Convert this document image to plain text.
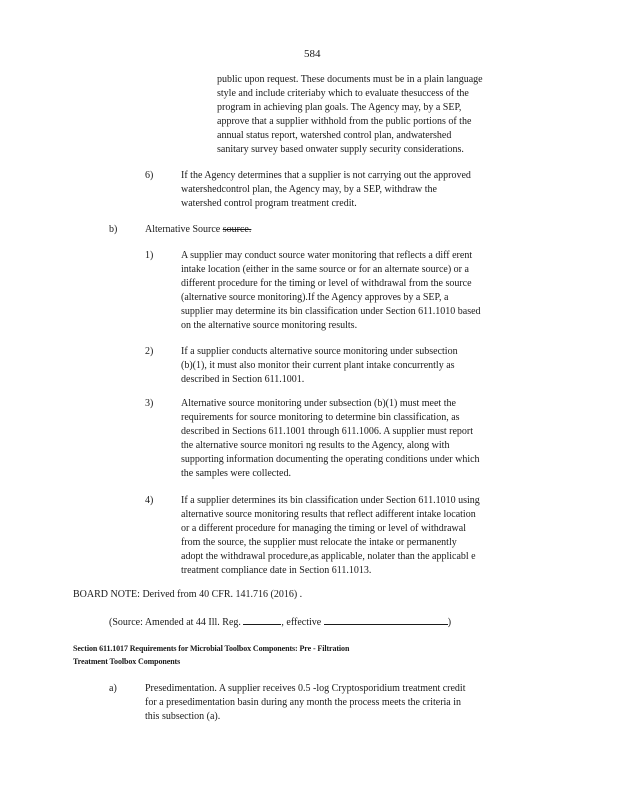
584
public upon request. These documents must be in a plain language
style and include criteriaby which to evaluate thesuccess of the
program in achieving plan goals. The Agency may, by a SEP,
approve that a supplier withhold from the public portions of the
annual status report, watershed control plan, andwatershed
sanitary survey based onwater supply security considerations.
6)	If the Agency determines that a supplier is not carrying out the approved
watershedcontrol plan, the Agency may, by a SEP, withdraw the
watershed control program treatment credit.
b)	Alternative Source source.
1)	A supplier may conduct source water monitoring that reflects a diff erent
intake location (either in the same source or for an alternate source) or a
different procedure for the timing or level of withdrawal from the source
(alternative source monitoring).If the Agency approves by a SEP, a
supplier may determine its bin classification under Section 611.1010 based
on the alternative source monitoring results.
2)	If a supplier conducts alternative source monitoring under subsection
(b)(1), it must also monitor their current plant intake concurrently as
described in Section 611.1001.
3)	Alternative source monitoring under subsection (b)(1) must meet the
requirements for source monitoring to determine bin classification, as
described in Sections 611.1001 through 611.1006. A supplier must report
the alternative source monitori ng results to the Agency, along with
supporting information documenting the operating conditions under which
the samples were collected.
4)	If a supplier determines its bin classification under Section 611.1010 using
alternative source monitoring results that reflect adifferent intake location
or a different procedure for managing the timing or level of withdrawal
from the source, the supplier must relocate the intake or permanently
adopt the withdrawal procedure,as applicable, nolater than the applicabl e
treatment compliance date in Section 611.1013.
BOARD NOTE: Derived from 40 CFR. 141.716 (2016) .
(Source: Amended at 44 Ill. Reg.	, effective	)
Section 611.1017 Requirements for Microbial Toolbox Components: Pre - Filtration
Treatment Toolbox Components
a)	Presedimentation. A supplier receives 0.5 -log Cryptosporidium treatment credit
for a presedimentation basin during any month the process meets the criteria in
this subsection (a).
